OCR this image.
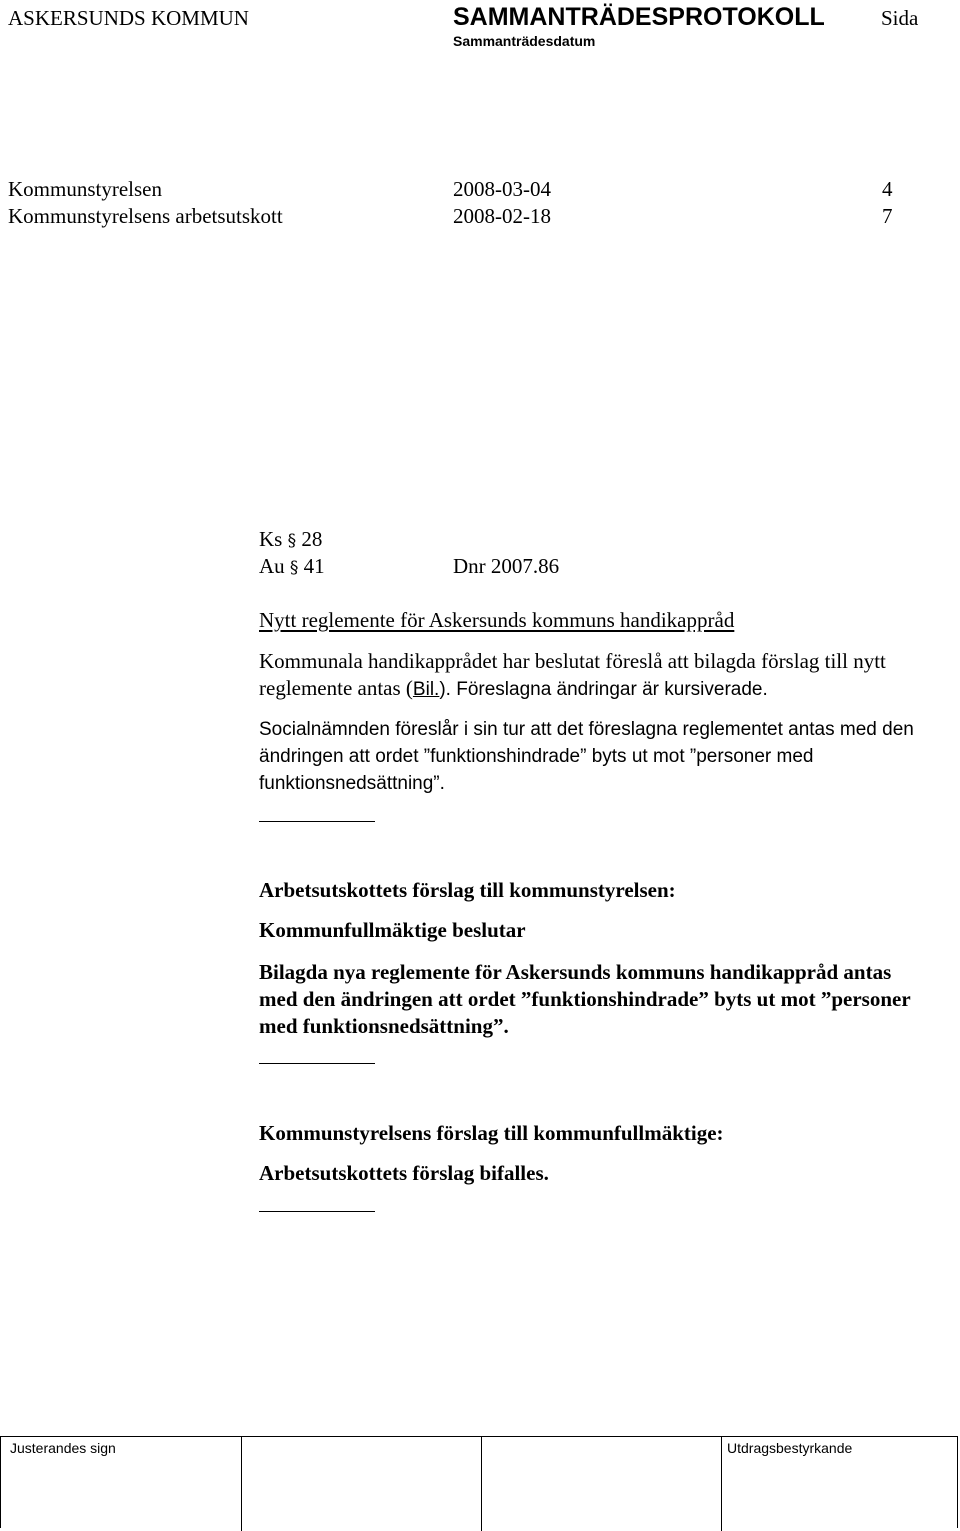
ASKERSUNDS KOMMUN	SAMMANTRÄDESPROTOKOLL	Sida
Sammanträdesdatum
Kommunstyrelsen	2008-03-04	4
Kommunstyrelsens arbetsutskott	2008-02-18	7
Ks § 28
Au § 41	Dnr 2007.86
Nytt reglemente för Askersunds kommuns handikappråd
Kommunala handikapprådet har beslutat föreslå att bilagda förslag till nytt reglemente antas (Bil.). Föreslagna ändringar är kursiverade.
Socialnämnden föreslår i sin tur att det föreslagna reglementet antas med den ändringen att ordet ”funktionshindrade” byts ut mot ”personer med funktionsnedsättning”.
Arbetsutskottets förslag till kommunstyrelsen:
Kommunfullmäktige beslutar
Bilagda nya reglemente för Askersunds kommuns handikappråd antas med den ändringen att ordet ”funktionshindrade” byts ut mot ”personer med funktionsnedsättning”.
Kommunstyrelsens förslag till kommunfullmäktige:
Arbetsutskottets förslag bifalles.
Justerandes sign	Utdragsbestyrkande
